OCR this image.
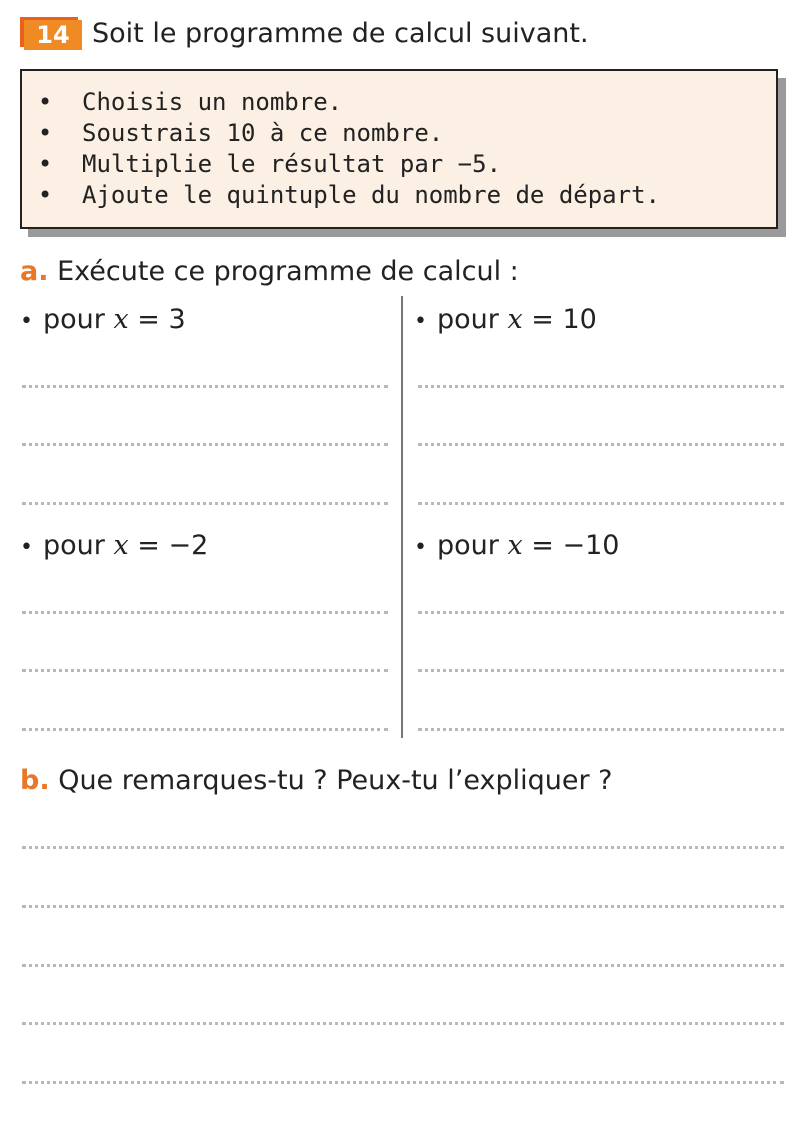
14 Soit le programme de calcul suivant.
• Choisis un nombre.
• Soustrais 10 à ce nombre.
• Multiplie le résultat par −5.
• Ajoute le quintuple du nombre de départ.
a. Exécute ce programme de calcul :
• pour x = 3	• pour x = 10
• pour x = −2	• pour x = −10
b. Que remarques-tu ? Peux-tu l’expliquer ?
